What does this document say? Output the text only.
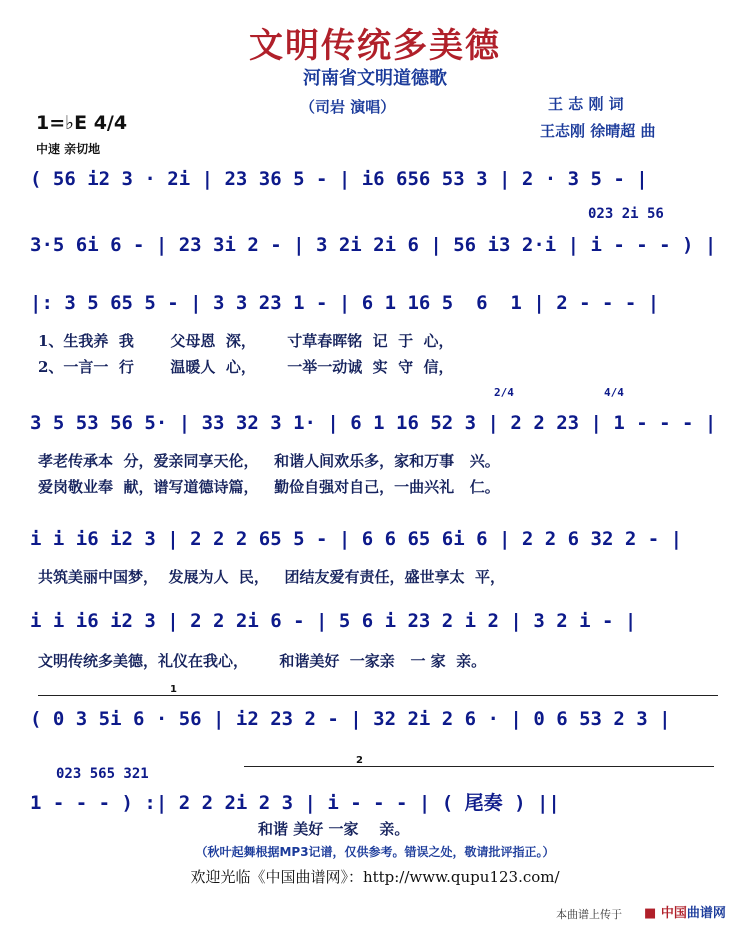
文明传统多美德
河南省文明道德歌
（司岩 演唱）	王 志 刚 词
王志刚 徐晴超 曲
1=♭E 4/4
中速 亲切地
( 56 i2 3 · 2i | 23 36 5 - | i6 656 53 3 | 2 · 3 5 - |
023 2i 56
3·5 6i 6 - | 23 3i 2 - | 3 2i 2i 6 | 56 i3 2·i | i - - - ) |
|: 3 5 65 5 - | 3 3 23 1 - | 6 1 16 5  6  1 | 2 - - - |
1、生我养  我       父母恩  深，      寸草春晖铭  记  于  心，
2、一言一  行       温暖人  心，      一举一动诚  实  守  信，
2/4	4/4
3 5 53 56 5· | 33 32 3 1· | 6 1 16 52 3 | 2 2 23 | 1 - - - |
孝老传承本  分，爱亲同享天伦，   和谐人间欢乐多，家和万事   兴。
爱岗敬业奉  献，谱写道德诗篇，   勤俭自强对自己，一曲兴礼   仁。
i i i6 i2 3 | 2 2 2 65 5 - | 6 6 65 6i 6 | 2 2 6 32 2 - |
共筑美丽中国梦，  发展为人  民，   团结友爱有责任，盛世享太  平，
i i i6 i2 3 | 2 2 2i 6 - | 5 6 i 23 2 i 2 | 3 2 i - |
文明传统多美德，礼仪在我心，      和谐美好  一家亲   一 家  亲。
1
( 0 3 5i 6 · 56 | i2 23 2 - | 32 2i 2 6 · | 0 6 53 2 3 |
023 565 321
2
1 - - - ) :| 2 2 2i 2 3 | i - - - | ( 尾奏 ) ||
和谐 美好 一家    亲。
（秋叶起舞根据MP3记谱，仅供参考。错误之处，敬请批评指正。）
欢迎光临《中国曲谱网》：http://www.qupu123.com/
本曲谱上传于 ■ 中国曲谱网
